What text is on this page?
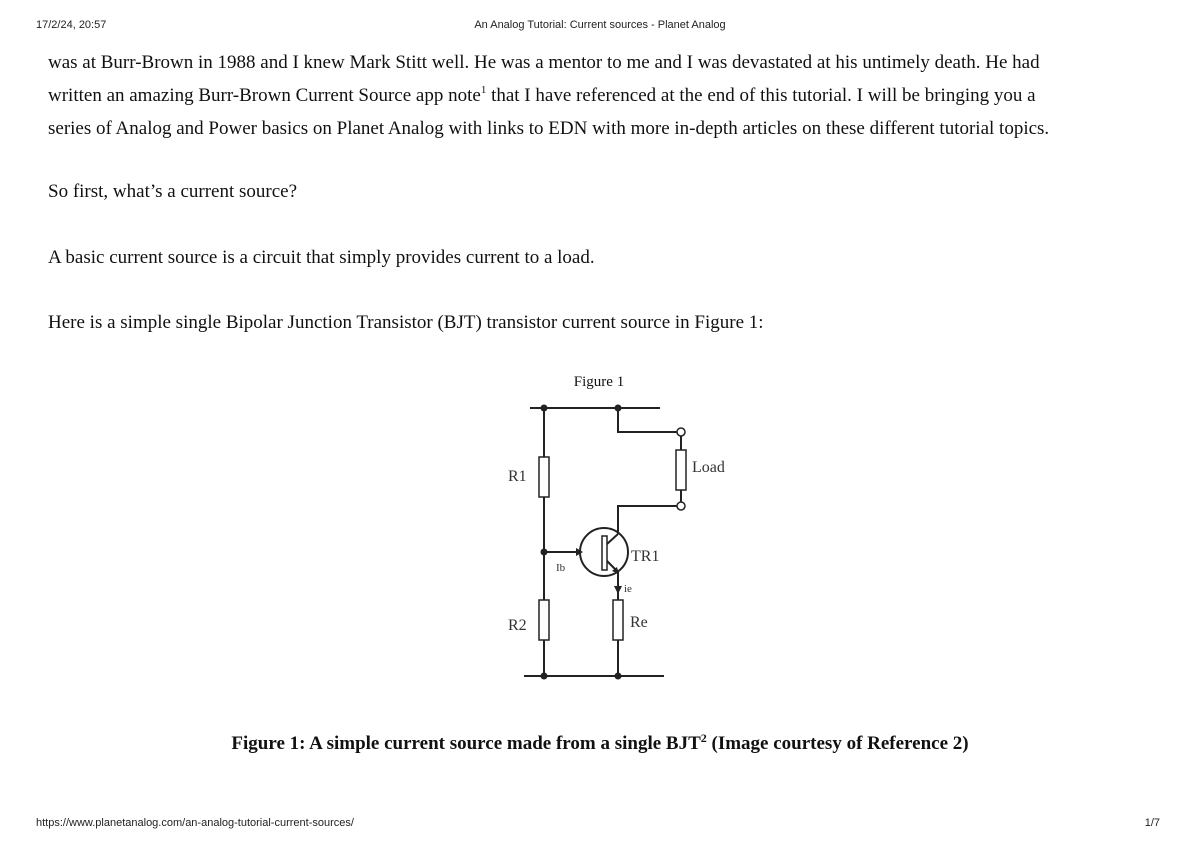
17/2/24, 20:57	An Analog Tutorial: Current sources - Planet Analog
was at Burr-Brown in 1988 and I knew Mark Stitt well. He was a mentor to me and I was devastated at his untimely death. He had
written an amazing Burr-Brown Current Source app note$^1$ that I have referenced at the end of this tutorial. I will be bringing you a
series of Analog and Power basics on Planet Analog with links to EDN with more in-depth articles on these different tutorial topics.
So first, what’s a current source?
A basic current source is a circuit that simply provides current to a load.
Here is a simple single Bipolar Junction Transistor (BJT) transistor current source in Figure 1:
Figure 1
R1
R2
Load
TR1
Ib
ie
Re
Figure 1: A simple current source made from a single BJT$^2$ (Image courtesy of Reference 2)
https://www.planetanalog.com/an-analog-tutorial-current-sources/	1/7
